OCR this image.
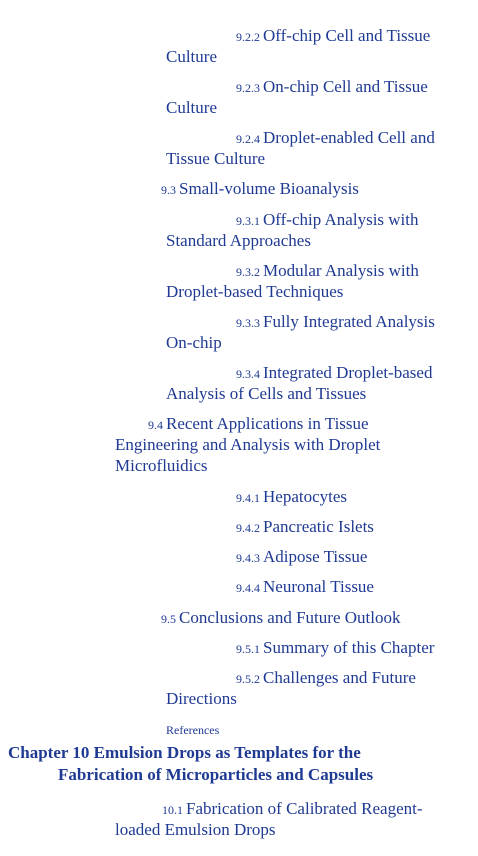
9.2.2 Off-chip Cell and Tissue
Culture
9.2.3 On-chip Cell and Tissue
Culture
9.2.4 Droplet-enabled Cell and
Tissue Culture
9.3 Small-volume Bioanalysis
9.3.1 Off-chip Analysis with
Standard Approaches
9.3.2 Modular Analysis with
Droplet-based Techniques
9.3.3 Fully Integrated Analysis
On-chip
9.3.4 Integrated Droplet-based
Analysis of Cells and Tissues
9.4 Recent Applications in Tissue
Engineering and Analysis with Droplet
Microfluidics
9.4.1 Hepatocytes
9.4.2 Pancreatic Islets
9.4.3 Adipose Tissue
9.4.4 Neuronal Tissue
9.5 Conclusions and Future Outlook
9.5.1 Summary of this Chapter
9.5.2 Challenges and Future
Directions
References
Chapter 10 Emulsion Drops as Templates for the
Fabrication of Microparticles and Capsules
10.1 Fabrication of Calibrated Reagent-
loaded Emulsion Drops
